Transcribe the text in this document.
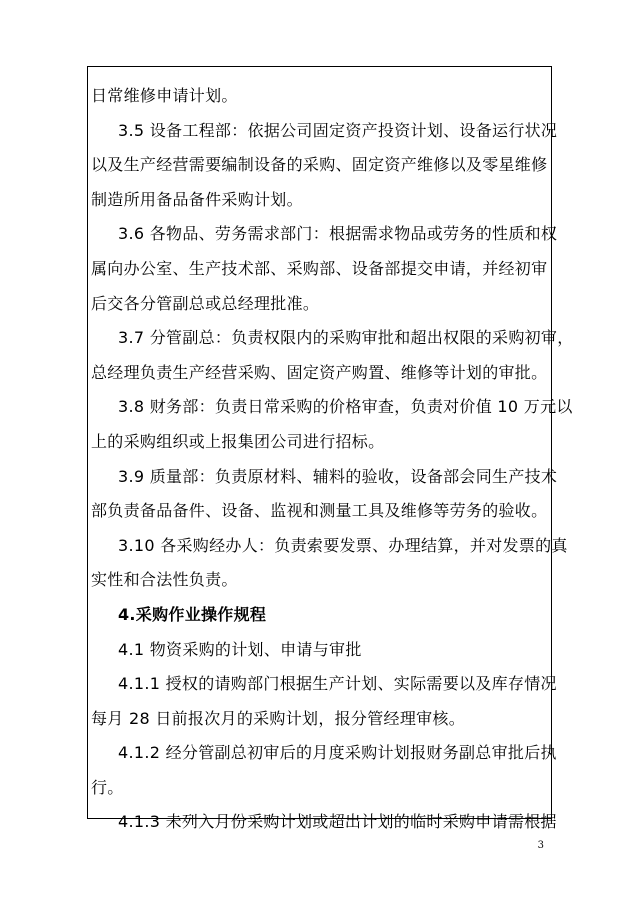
日常维修申请计划。
3.5 设备工程部：依据公司固定资产投资计划、设备运行状况
以及生产经营需要编制设备的采购、固定资产维修以及零星维修
制造所用备品备件采购计划。
3.6 各物品、劳务需求部门：根据需求物品或劳务的性质和权
属向办公室、生产技术部、采购部、设备部提交申请，并经初审
后交各分管副总或总经理批准。
3.7 分管副总：负责权限内的采购审批和超出权限的采购初审，
总经理负责生产经营采购、固定资产购置、维修等计划的审批。
3.8 财务部：负责日常采购的价格审查，负责对价值 10 万元以
上的采购组织或上报集团公司进行招标。
3.9 质量部：负责原材料、辅料的验收，设备部会同生产技术
部负责备品备件、设备、监视和测量工具及维修等劳务的验收。
3.10 各采购经办人：负责索要发票、办理结算，并对发票的真
实性和合法性负责。
4.采购作业操作规程
4.1 物资采购的计划、申请与审批
4.1.1 授权的请购部门根据生产计划、实际需要以及库存情况
每月 28 日前报次月的采购计划，报分管经理审核。
4.1.2 经分管副总初审后的月度采购计划报财务副总审批后执
行。
4.1.3 未列入月份采购计划或超出计划的临时采购申请需根据
3
